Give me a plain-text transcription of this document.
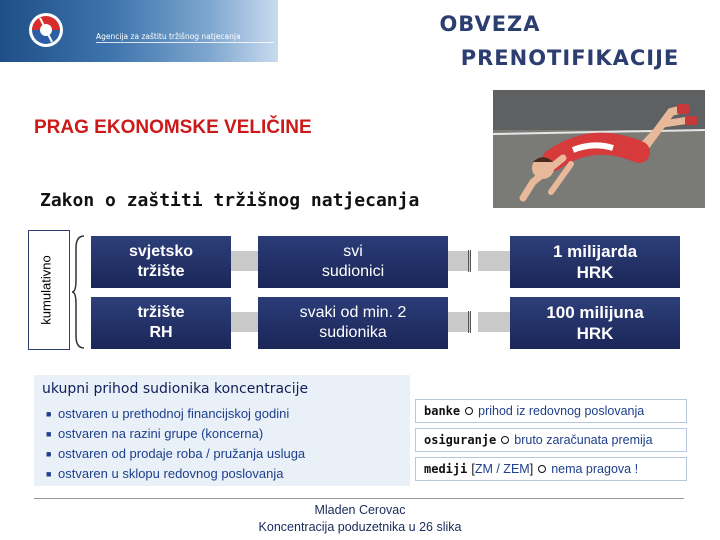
Agencija za zaštitu tržišnog natjecanja
OBVEZA
PRENOTIFIKACIJE
PRAG EKONOMSKE VELIČINE
Zakon o zaštiti tržišnog natjecanja
kumulativno
svjetsko tržište
svi sudionici
1 milijarda HRK
tržište RH
svaki od min. 2 sudionika
100 milijuna HRK
ukupni prihod sudionika koncentracije
■ ostvaren u prethodnoj financijskoj godini
■ ostvaren na razini grupe (koncerna)
■ ostvaren od prodaje roba / pružanja usluga
■ ostvaren u sklopu redovnog poslovanja
banke prihod iz redovnog poslovanja
osiguranje bruto zaračunata premija
mediji [ ZM / ZEM ] nema pragova !
Mladen Cerovac
Koncentracija poduzetnika u 26 slika
